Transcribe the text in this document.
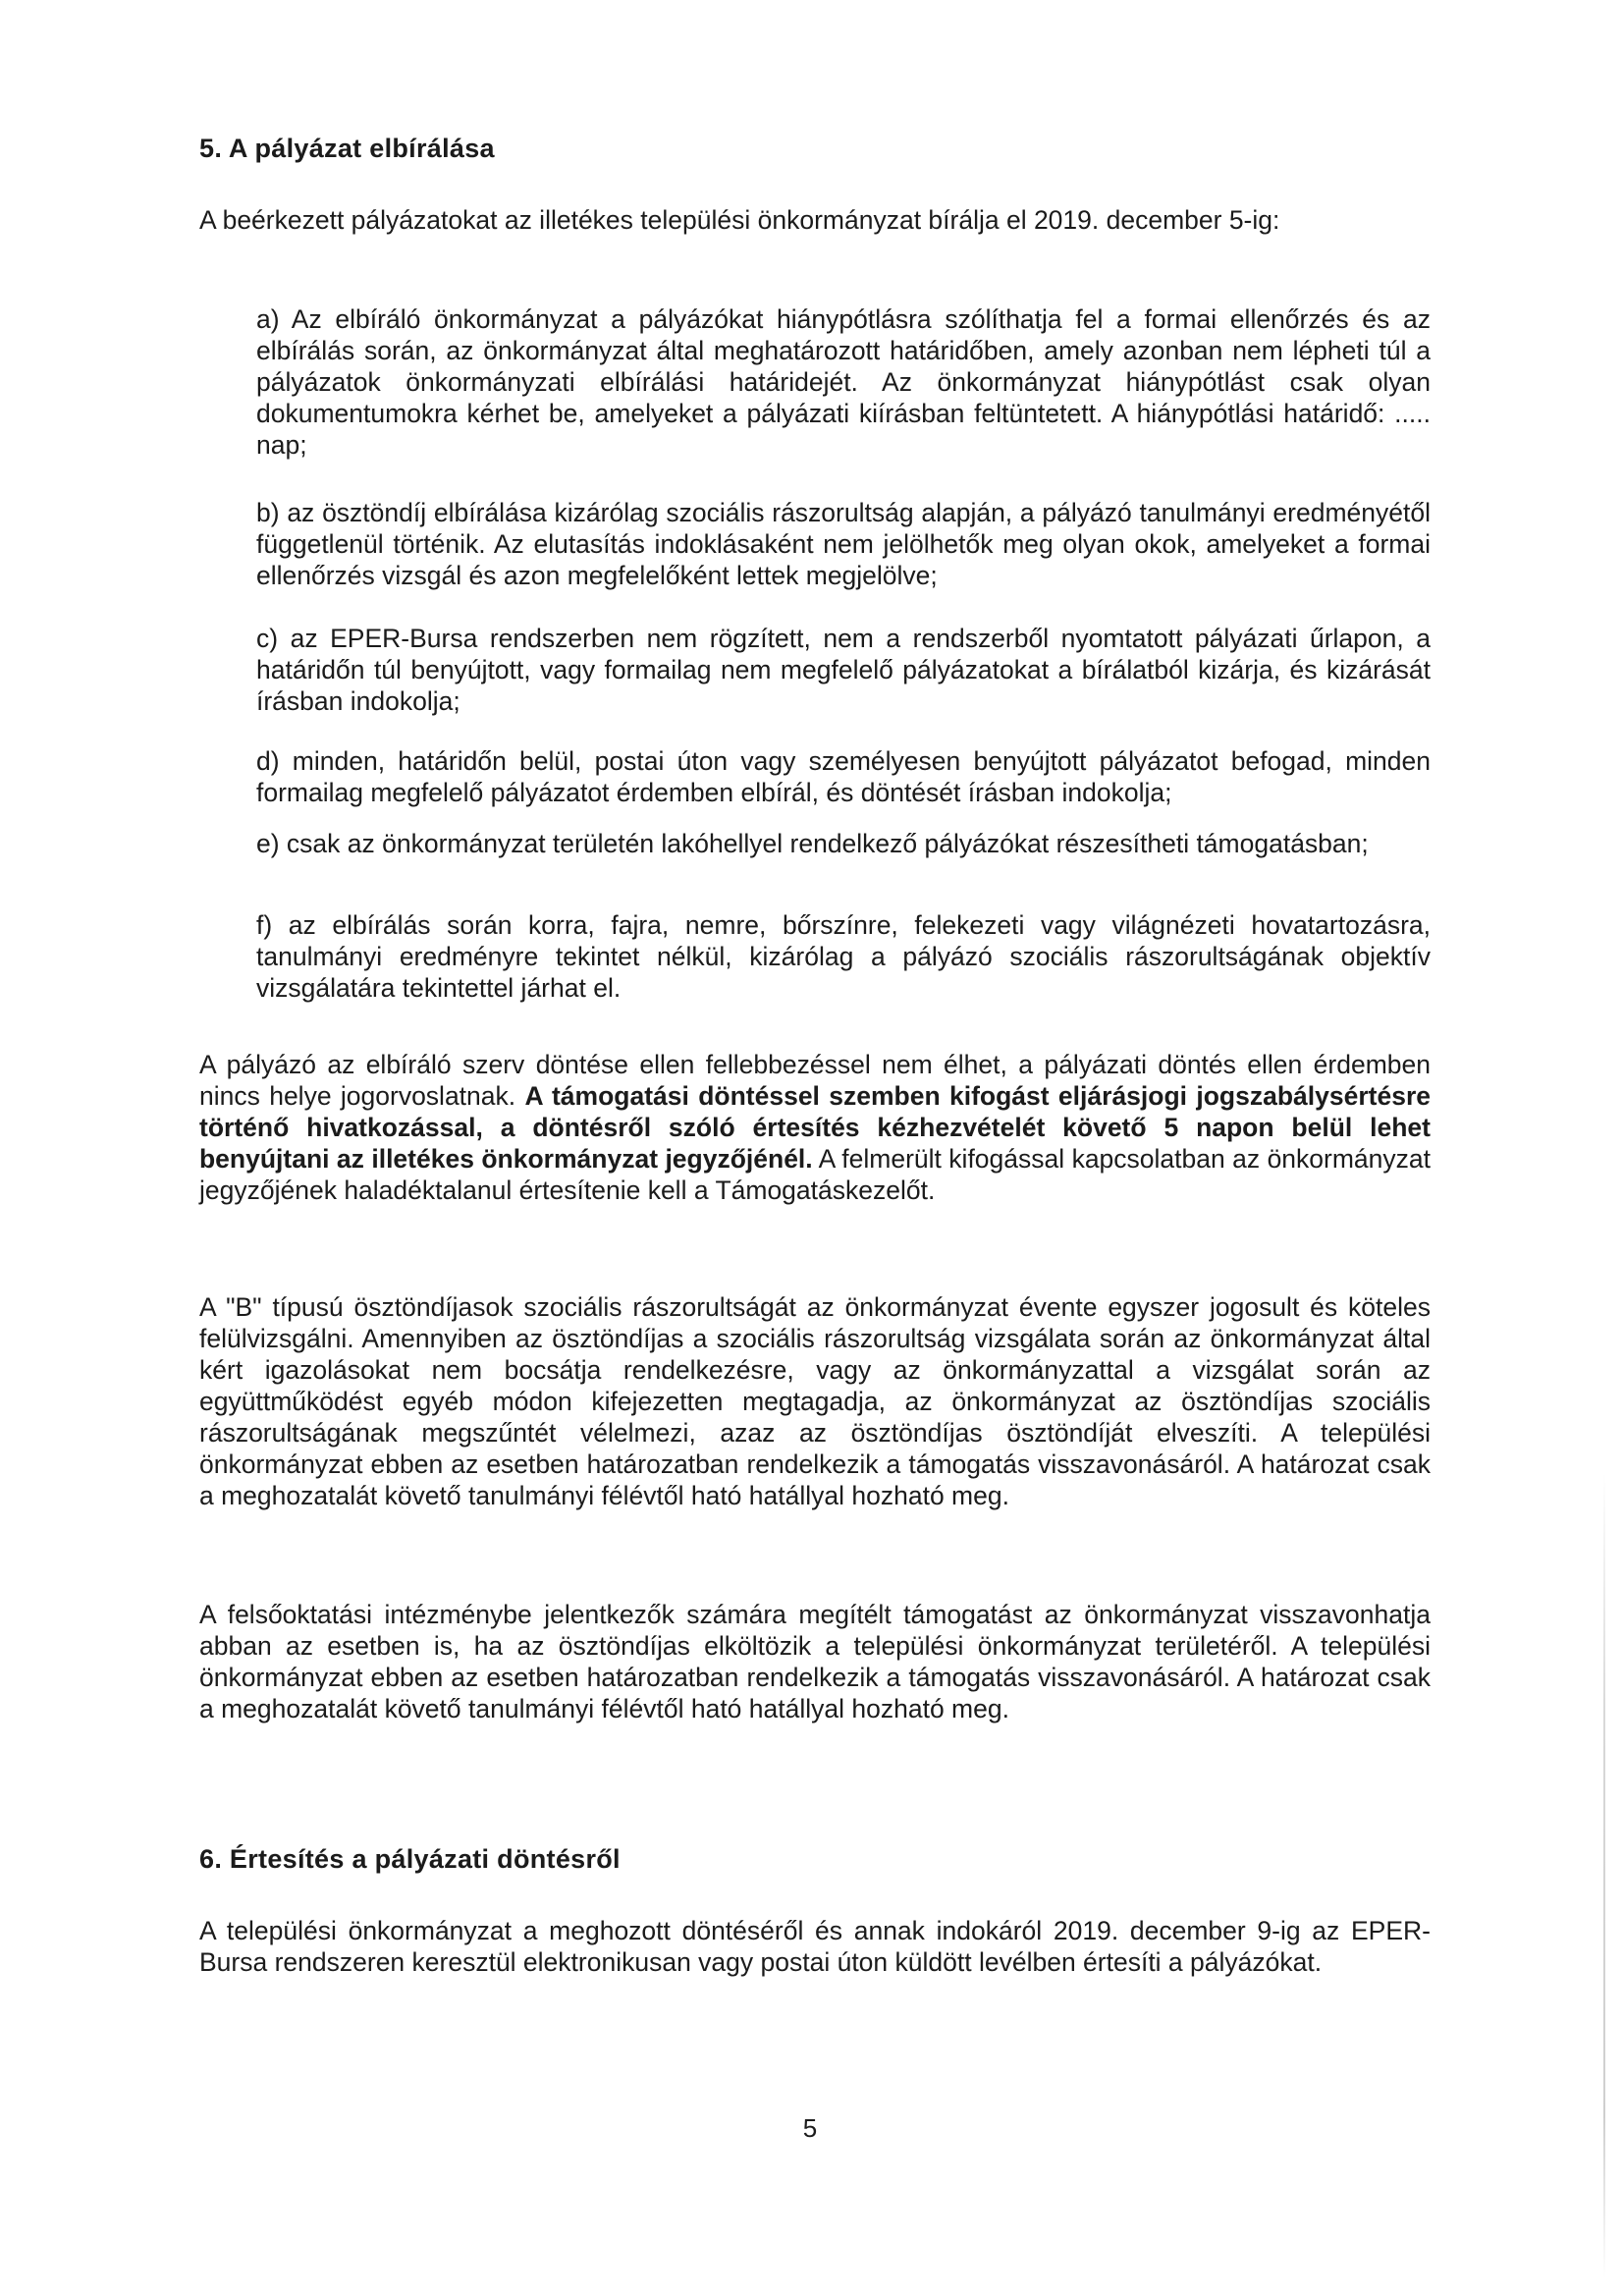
5. A pályázat elbírálása
A beérkezett pályázatokat az illetékes települési önkormányzat bírálja el 2019. december 5-ig:
a) Az elbíráló önkormányzat a pályázókat hiánypótlásra szólíthatja fel a formai ellenőrzés és az elbírálás során, az önkormányzat által meghatározott határidőben, amely azonban nem lépheti túl a pályázatok önkormányzati elbírálási határidejét. Az önkormányzat hiánypótlást csak olyan dokumentumokra kérhet be, amelyeket a pályázati kiírásban feltüntetett. A hiánypótlási határidő: ..... nap;
b) az ösztöndíj elbírálása kizárólag szociális rászorultság alapján, a pályázó tanulmányi eredményétől függetlenül történik. Az elutasítás indoklásaként nem jelölhetők meg olyan okok, amelyeket a formai ellenőrzés vizsgál és azon megfelelőként lettek megjelölve;
c) az EPER-Bursa rendszerben nem rögzített, nem a rendszerből nyomtatott pályázati űrlapon, a határidőn túl benyújtott, vagy formailag nem megfelelő pályázatokat a bírálatból kizárja, és kizárását írásban indokolja;
d) minden, határidőn belül, postai úton vagy személyesen benyújtott pályázatot befogad, minden formailag megfelelő pályázatot érdemben elbírál, és döntését írásban indokolja;
e) csak az önkormányzat területén lakóhellyel rendelkező pályázókat részesítheti támogatásban;
f) az elbírálás során korra, fajra, nemre, bőrszínre, felekezeti vagy világnézeti hovatartozásra, tanulmányi eredményre tekintet nélkül, kizárólag a pályázó szociális rászorultságának objektív vizsgálatára tekintettel járhat el.
A pályázó az elbíráló szerv döntése ellen fellebbezéssel nem élhet, a pályázati döntés ellen érdemben nincs helye jogorvoslatnak. A támogatási döntéssel szemben kifogást eljárásjogi jogszabálysértésre történő hivatkozással, a döntésről szóló értesítés kézhezvételét követő 5 napon belül lehet benyújtani az illetékes önkormányzat jegyzőjénél. A felmerült kifogással kapcsolatban az önkormányzat jegyzőjének haladéktalanul értesítenie kell a Támogatáskezelőt.
A "B" típusú ösztöndíjasok szociális rászorultságát az önkormányzat évente egyszer jogosult és köteles felülvizsgálni. Amennyiben az ösztöndíjas a szociális rászorultság vizsgálata során az önkormányzat által kért igazolásokat nem bocsátja rendelkezésre, vagy az önkormányzattal a vizsgálat során az együttműködést egyéb módon kifejezetten megtagadja, az önkormányzat az ösztöndíjas szociális rászorultságának megszűntét vélelmezi, azaz az ösztöndíjas ösztöndíját elveszíti. A települési önkormányzat ebben az esetben határozatban rendelkezik a támogatás visszavonásáról. A határozat csak a meghozatalát követő tanulmányi félévtől ható hatállyal hozható meg.
A felsőoktatási intézménybe jelentkezők számára megítélt támogatást az önkormányzat visszavonhatja abban az esetben is, ha az ösztöndíjas elköltözik a települési önkormányzat területéről. A települési önkormányzat ebben az esetben határozatban rendelkezik a támogatás visszavonásáról. A határozat csak a meghozatalát követő tanulmányi félévtől ható hatállyal hozható meg.
6. Értesítés a pályázati döntésről
A települési önkormányzat a meghozott döntéséről és annak indokáról 2019. december 9-ig az EPER-Bursa rendszeren keresztül elektronikusan vagy postai úton küldött levélben értesíti a pályázókat.
5
